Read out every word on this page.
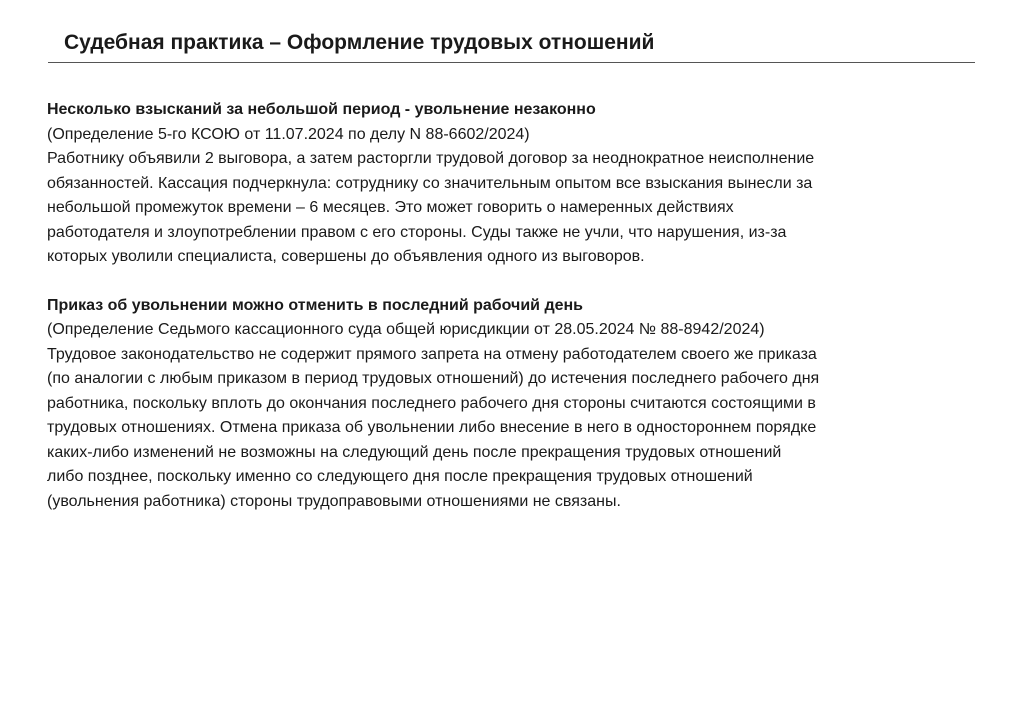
Судебная практика – Оформление трудовых отношений

Несколько взысканий за небольшой период - увольнение незаконно

(Определение 5-го КСОЮ от 11.07.2024 по делу N 88-6602/2024)

Работнику объявили 2 выговора, а затем расторгли трудовой договор за неоднократное неисполнение

обязанностей. Кассация подчеркнула: сотруднику со значительным опытом все взыскания вынесли за

небольшой промежуток времени – 6 месяцев. Это может говорить о намеренных действиях

работодателя и злоупотреблении правом с его стороны. Суды также не учли, что нарушения, из-за

которых уволили специалиста, совершены до объявления одного из выговоров.

Приказ об увольнении можно отменить в последний рабочий день

(Определение Седьмого кассационного суда общей юрисдикции от 28.05.2024 № 88-8942/2024)

Трудовое законодательство не содержит прямого запрета на отмену работодателем своего же приказа

(по аналогии с любым приказом в период трудовых отношений) до истечения последнего рабочего дня

работника, поскольку вплоть до окончания последнего рабочего дня стороны считаются состоящими в

трудовых отношениях. Отмена приказа об увольнении либо внесение в него в одностороннем порядке

каких-либо изменений не возможны на следующий день после прекращения трудовых отношений

либо позднее, поскольку именно со следующего дня после прекращения трудовых отношений

(увольнения работника) стороны трудоправовыми отношениями не связаны.
